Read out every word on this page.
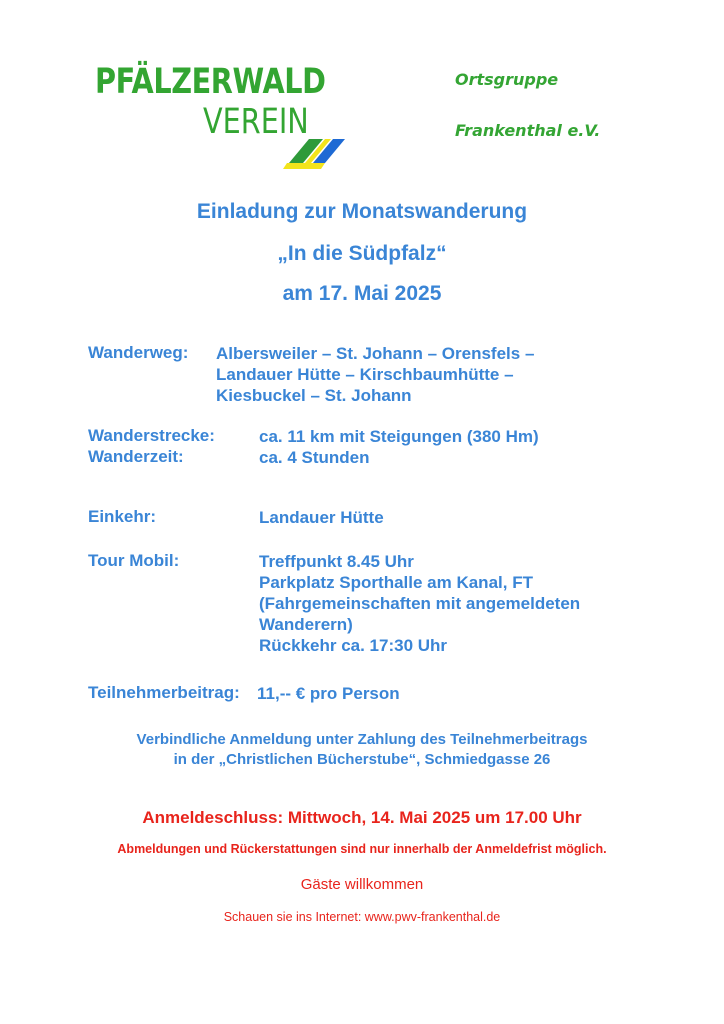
PFÄLZERWALD
VEREIN
Ortsgruppe
Frankenthal e.V.
Einladung zur Monatswanderung
„In die Südpfalz“
am 17. Mai 2025
Wanderweg: Albersweiler – St. Johann – Orensfels –
Landauer Hütte – Kirschbaumhütte –
Kiesbuckel – St. Johann
Wanderstrecke:	ca. 11 km mit Steigungen (380 Hm)
Wanderzeit:	ca. 4 Stunden
Einkehr:	Landauer Hütte
Tour Mobil:	Treffpunkt 8.45 Uhr
Parkplatz Sporthalle am Kanal, FT
(Fahrgemeinschaften mit angemeldeten
Wanderern)
Rückkehr ca. 17:30 Uhr
Teilnehmerbeitrag: 11,-- € pro Person
Verbindliche Anmeldung unter Zahlung des Teilnehmerbeitrags
in der „Christlichen Bücherstube“, Schmiedgasse 26
Anmeldeschluss: Mittwoch, 14. Mai 2025 um 17.00 Uhr
Abmeldungen und Rückerstattungen sind nur innerhalb der Anmeldefrist möglich.
Gäste willkommen
Schauen sie ins Internet: www.pwv-frankenthal.de
